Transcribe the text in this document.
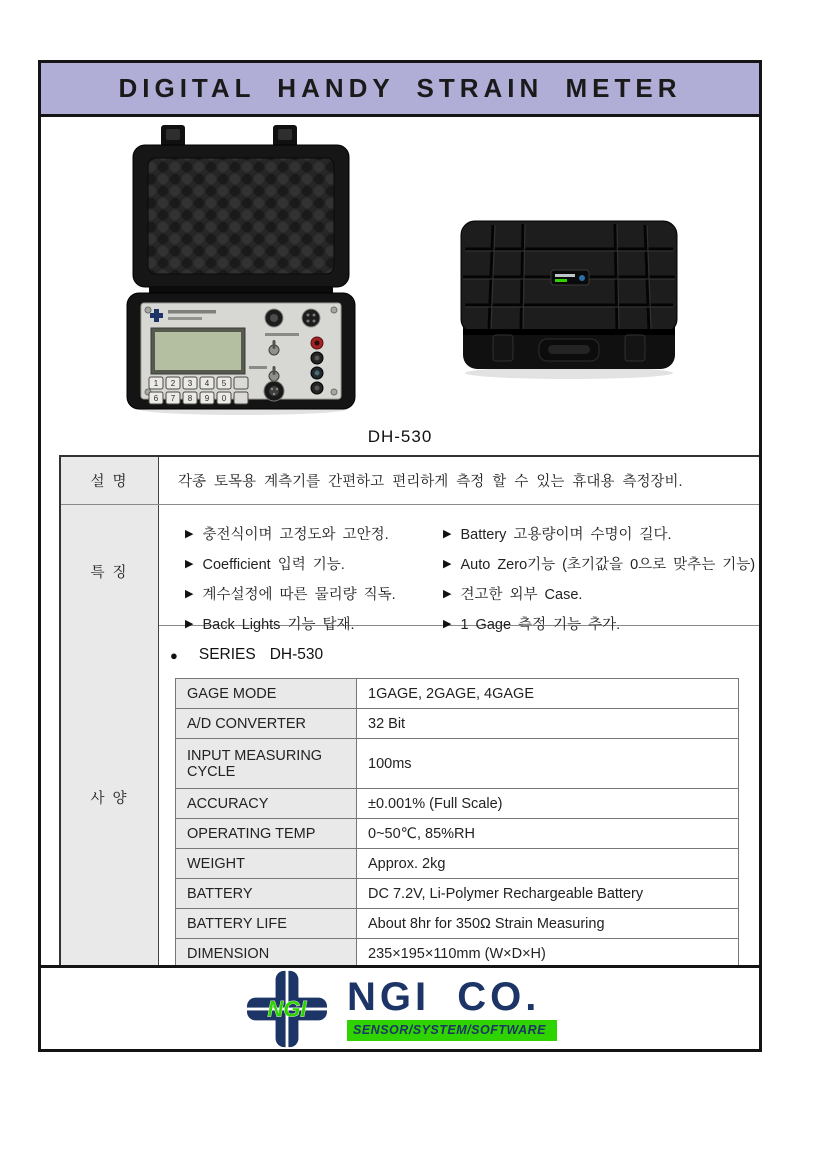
DIGITAL HANDY STRAIN METER
1 2 3 4 5
6 7 8 9 0
DH-530
설 명	각종 토목용 계측기를 간편하고 편리하게 측정 할 수 있는 휴대용 측정장비.
특 징
▶ 충전식이며 고정도와 고안정.
▶ Coefficient 입력 기능.
▶ 계수설정에 따른 물리량 직독.
▶ Back Lights 기능 탑재.
▶ Battery 고용량이며 수명이 길다.
▶ Auto Zero기능 (초기값을 0으로 맞추는 기능)
▶ 견고한 외부 Case.
▶ 1 Gage 측정 기능 추가.
사 양
● SERIES DH-530
GAGE MODE	1GAGE, 2GAGE, 4GAGE
A/D CONVERTER	32 Bit
INPUT MEASURING CYCLE	100ms
ACCURACY	±0.001% (Full Scale)
OPERATING TEMP	0~50℃, 85%RH
WEIGHT	Approx. 2kg
BATTERY	DC 7.2V, Li-Polymer Rechargeable Battery
BATTERY LIFE	About 8hr for 350Ω Strain Measuring
DIMENSION	235×195×110mm (W×D×H)
NGI NGI CO.
SENSOR/SYSTEM/SOFTWARE
